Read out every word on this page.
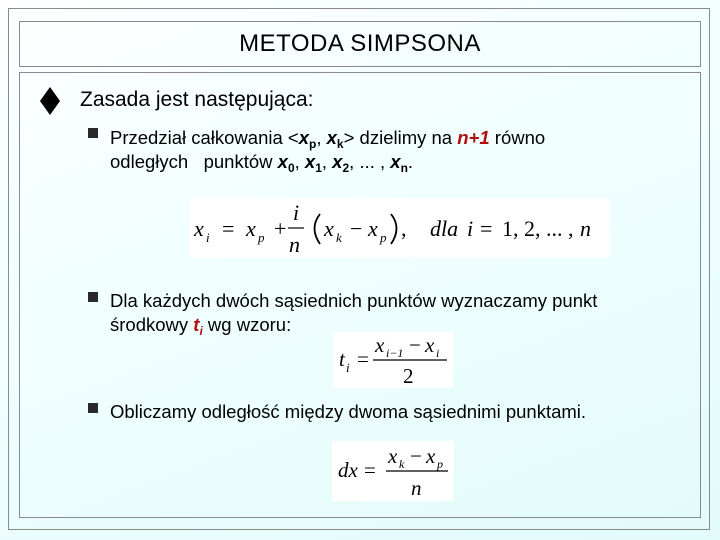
METODA SIMPSONA
Zasada jest następująca:
Przedział całkowania $<x_p$, $x_k>$ dzielimy na n+1 równo
odległych   punktów $x_0$, $x_1$, $x_2$, ... , $x_n$.
x i = x p +
i
n
x k − x p , dla i = 1, 2, ... , n
Dla każdych dwóch sąsiednich punktów wyznaczamy punkt
środkowy $t_i$ wg wzoru:
t i =
x i−1 − x i
2
Obliczamy odległość między dwoma sąsiednimi punktami.
dx =
x k − x p
n
